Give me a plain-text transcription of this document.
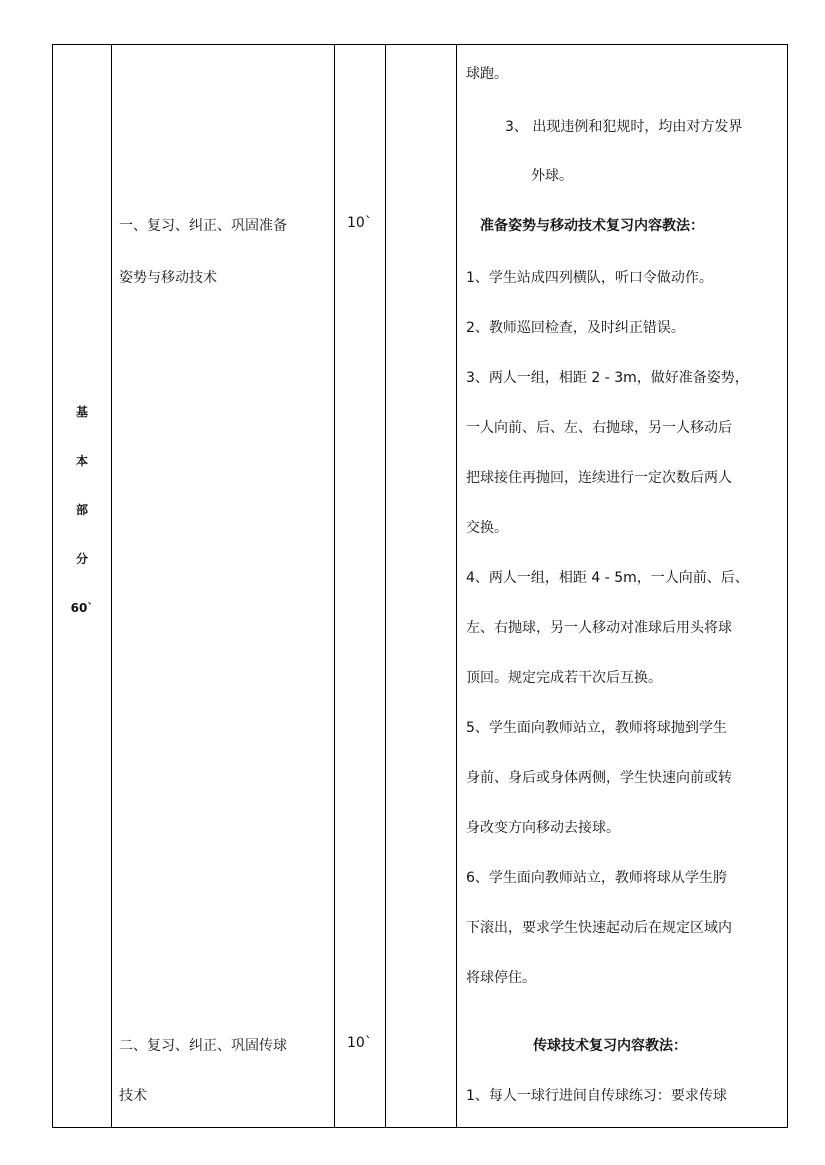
基
本
部
分
60`
一、复习、纠正、巩固准备
姿势与移动技术
10`
二、复习、纠正、巩固传球
技术
10`
球跑。
3、 出现违例和犯规时，均由对方发界
外球。
准备姿势与移动技术复习内容教法：
1、学生站成四列横队，听口令做动作。
2、教师巡回检查，及时纠正错误。
3、两人一组，相距 2 - 3m，做好准备姿势，
一人向前、后、左、右抛球，另一人移动后
把球接住再抛回，连续进行一定次数后两人
交换。
4、两人一组，相距 4 - 5m，一人向前、后、
左、右抛球，另一人移动对准球后用头将球
顶回。规定完成若干次后互换。
5、学生面向教师站立，教师将球抛到学生
身前、身后或身体两侧，学生快速向前或转
身改变方向移动去接球。
6、学生面向教师站立，教师将球从学生胯
下滚出，要求学生快速起动后在规定区域内
将球停住。
传球技术复习内容教法：
1、每人一球行进间自传球练习：要求传球
